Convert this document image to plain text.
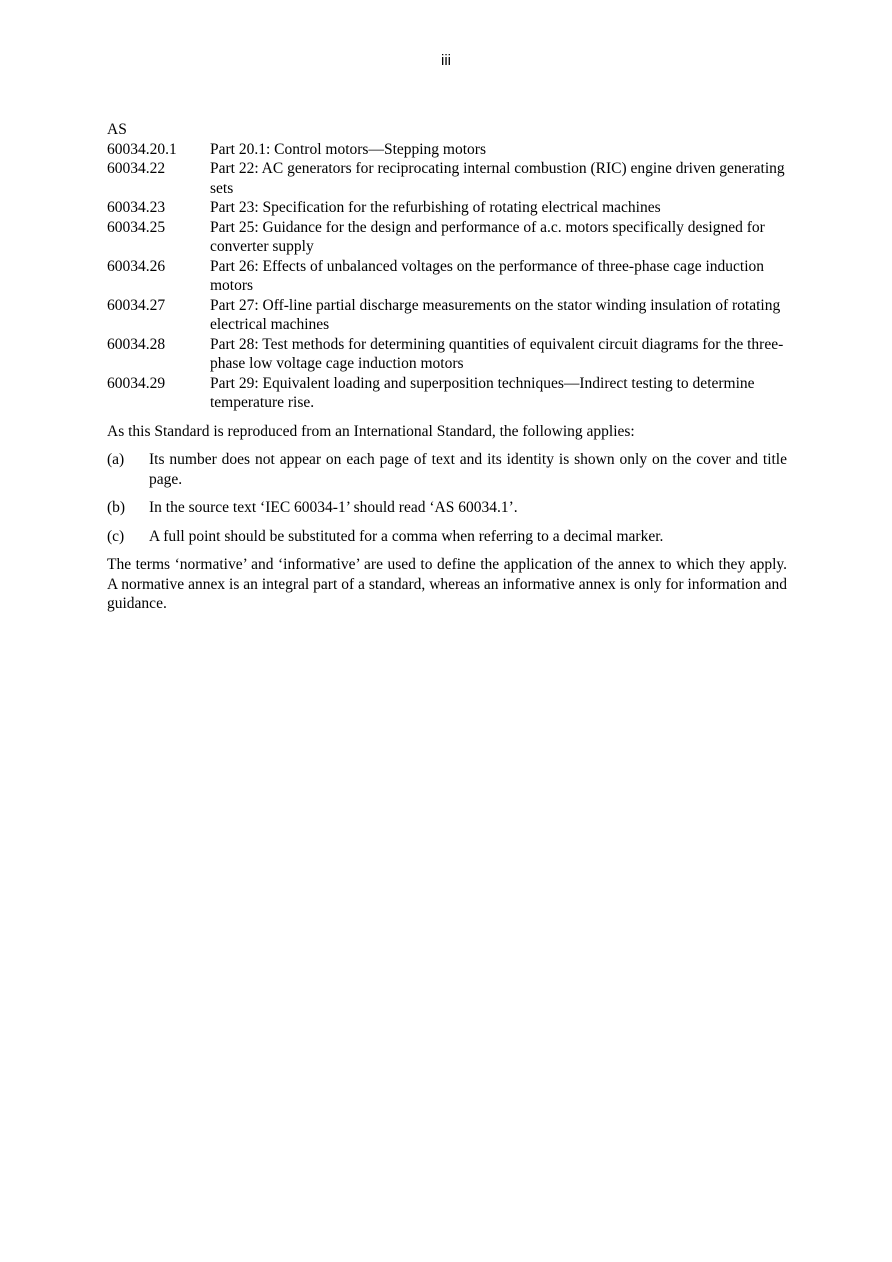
iii
AS
60034.20.1	Part 20.1: Control motors—Stepping motors
60034.22	Part 22: AC generators for reciprocating internal combustion (RIC) engine driven generating sets
60034.23	Part 23: Specification for the refurbishing of rotating electrical machines
60034.25	Part 25: Guidance for the design and performance of a.c. motors specifically designed for converter supply
60034.26	Part 26: Effects of unbalanced voltages on the performance of three-phase cage induction motors
60034.27	Part 27: Off-line partial discharge measurements on the stator winding insulation of rotating electrical machines
60034.28	Part 28: Test methods for determining quantities of equivalent circuit diagrams for the three-phase low voltage cage induction motors
60034.29	Part 29: Equivalent loading and superposition techniques—Indirect testing to determine temperature rise.
As this Standard is reproduced from an International Standard, the following applies:
(a)	Its number does not appear on each page of text and its identity is shown only on the cover and title page.
(b)	In the source text ‘IEC 60034-1’ should read ‘AS 60034.1’.
(c)	A full point should be substituted for a comma when referring to a decimal marker.
The terms ‘normative’ and ‘informative’ are used to define the application of the annex to which they apply. A normative annex is an integral part of a standard, whereas an informative annex is only for information and guidance.
